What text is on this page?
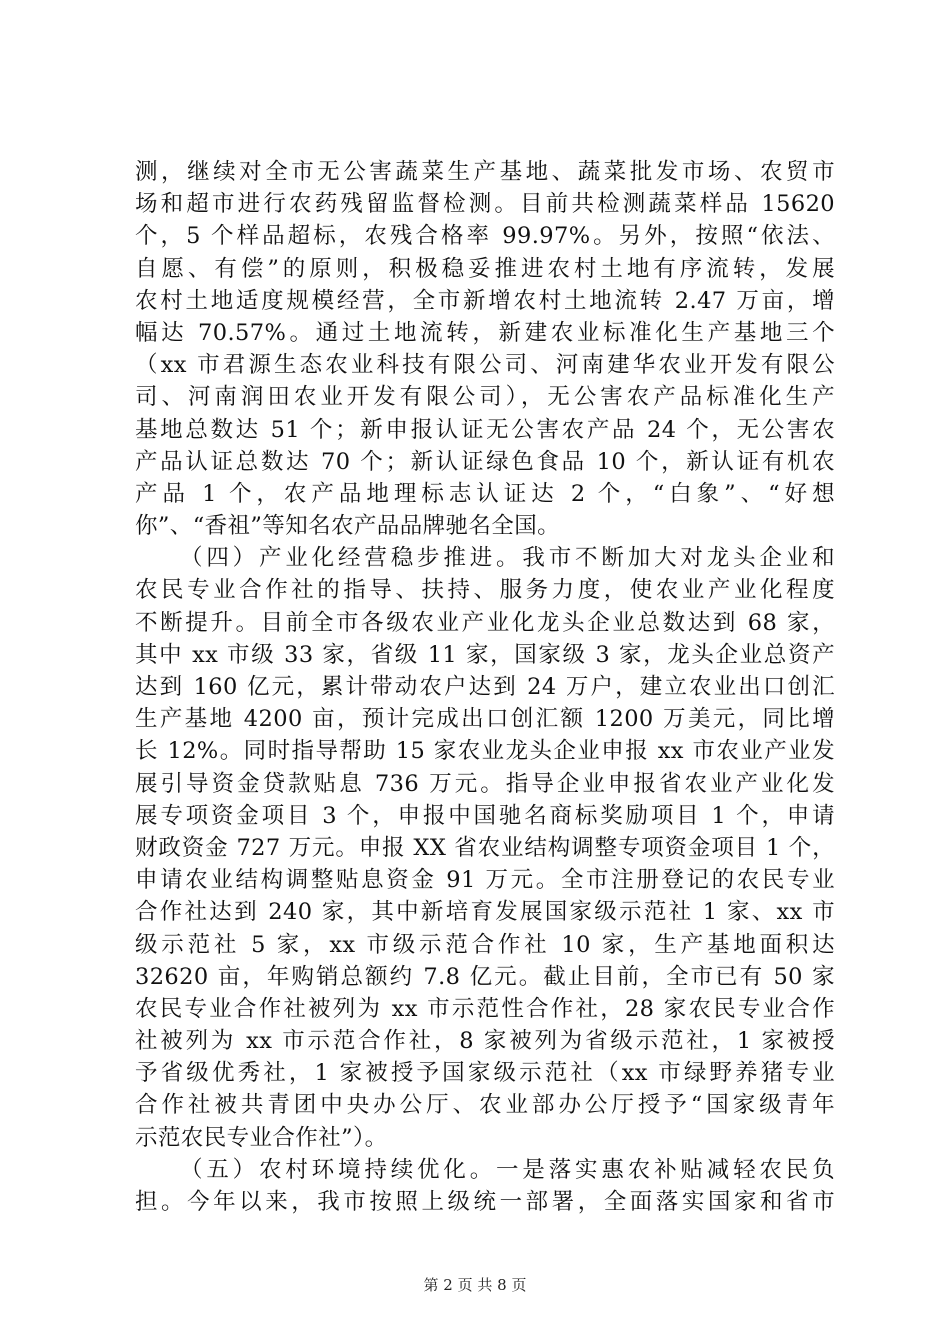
测，继续对全市无公害蔬菜生产基地、蔬菜批发市场、农贸市
场和超市进行农药残留监督检测。目前共检测蔬菜样品 15620
个，5 个样品超标，农残合格率 99.97%。另外，按照“依法、
自愿、有偿”的原则，积极稳妥推进农村土地有序流转，发展
农村土地适度规模经营，全市新增农村土地流转 2.47 万亩，增
幅达 70.57%。通过土地流转，新建农业标准化生产基地三个
（xx 市君源生态农业科技有限公司、河南建华农业开发有限公
司、河南润田农业开发有限公司），无公害农产品标准化生产
基地总数达 51 个；新申报认证无公害农产品 24 个，无公害农
产品认证总数达 70 个；新认证绿色食品 10 个，新认证有机农
产品 1 个，农产品地理标志认证达 2 个，“白象”、“好想
你”、“香祖”等知名农产品品牌驰名全国。
（四）产业化经营稳步推进。我市不断加大对龙头企业和
农民专业合作社的指导、扶持、服务力度，使农业产业化程度
不断提升。目前全市各级农业产业化龙头企业总数达到 68 家，
其中 xx 市级 33 家，省级 11 家，国家级 3 家，龙头企业总资产
达到 160 亿元，累计带动农户达到 24 万户，建立农业出口创汇
生产基地 4200 亩，预计完成出口创汇额 1200 万美元，同比增
长 12%。同时指导帮助 15 家农业龙头企业申报 xx 市农业产业发
展引导资金贷款贴息 736 万元。指导企业申报省农业产业化发
展专项资金项目 3 个，申报中国驰名商标奖励项目 1 个，申请
财政资金 727 万元。申报 XX 省农业结构调整专项资金项目 1 个，
申请农业结构调整贴息资金 91 万元。全市注册登记的农民专业
合作社达到 240 家，其中新培育发展国家级示范社 1 家、xx 市
级示范社 5 家，xx 市级示范合作社 10 家，生产基地面积达
32620 亩，年购销总额约 7.8 亿元。截止目前，全市已有 50 家
农民专业合作社被列为 xx 市示范性合作社，28 家农民专业合作
社被列为 xx 市示范合作社，8 家被列为省级示范社，1 家被授
予省级优秀社，1 家被授予国家级示范社（xx 市绿野养猪专业
合作社被共青团中央办公厅、农业部办公厅授予“国家级青年
示范农民专业合作社”）。
（五）农村环境持续优化。一是落实惠农补贴减轻农民负
担。今年以来，我市按照上级统一部署，全面落实国家和省市
第 2 页 共 8 页
